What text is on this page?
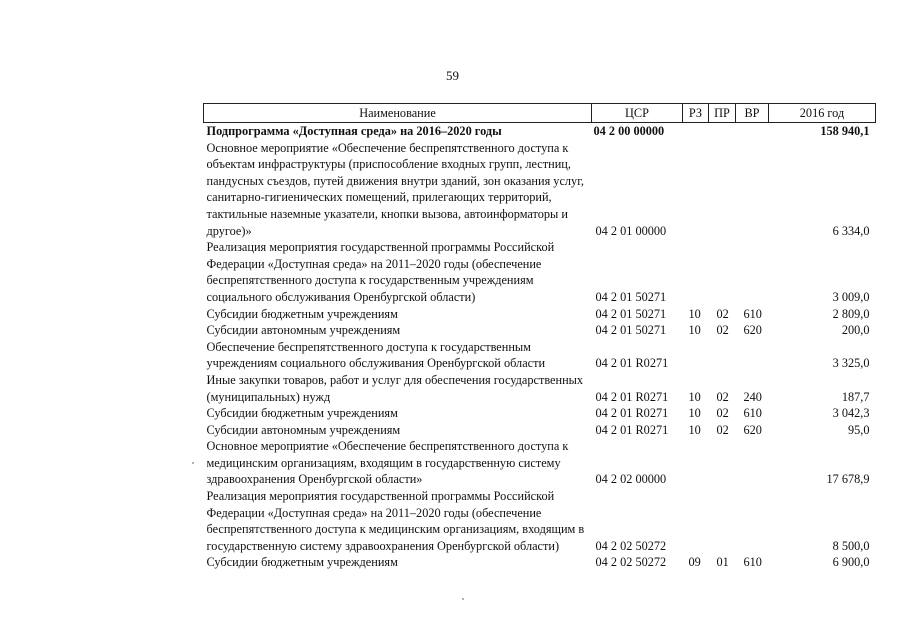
59
Наименование	ЦСР	РЗ	ПР	ВР	2016 год
Подпрограмма «Доступная среда» на 2016–2020 годы	04 2 00 00000				158 940,1
Основное мероприятие «Обеспечение беспрепятственного доступа к объектам инфраструктуры (приспособление входных групп, лестниц, пандусных съездов, путей движения внутри зданий, зон оказания услуг, санитарно-гигиенических помещений, прилегающих территорий, тактильные наземные указатели, кнопки вызова, автоинформаторы и другое)»	04 2 01 00000				6 334,0
Реализация мероприятия государственной программы Российской Федерации «Доступная среда» на 2011–2020 годы (обеспечение беспрепятственного доступа к государственным учреждениям социального обслуживания Оренбургской области)	04 2 01 50271				3 009,0
Субсидии бюджетным учреждениям	04 2 01 50271	10	02	610	2 809,0
Субсидии автономным учреждениям	04 2 01 50271	10	02	620	200,0
Обеспечение беспрепятственного доступа к государственным учреждениям социального обслуживания Оренбургской области	04 2 01 R0271				3 325,0
Иные закупки товаров, работ и услуг для обеспечения государственных (муниципальных) нужд	04 2 01 R0271	10	02	240	187,7
Субсидии бюджетным учреждениям	04 2 01 R0271	10	02	610	3 042,3
Субсидии автономным учреждениям	04 2 01 R0271	10	02	620	95,0
Основное мероприятие «Обеспечение беспрепятственного доступа к медицинским организациям, входящим в государственную систему здравоохранения Оренбургской области»	04 2 02 00000				17 678,9
Реализация мероприятия государственной программы Российской Федерации «Доступная среда» на 2011–2020 годы (обеспечение беспрепятственного доступа к медицинским организациям, входящим в государственную систему здравоохранения Оренбургской области)	04 2 02 50272				8 500,0
Субсидии бюджетным учреждениям	04 2 02 50272	09	01	610	6 900,0
